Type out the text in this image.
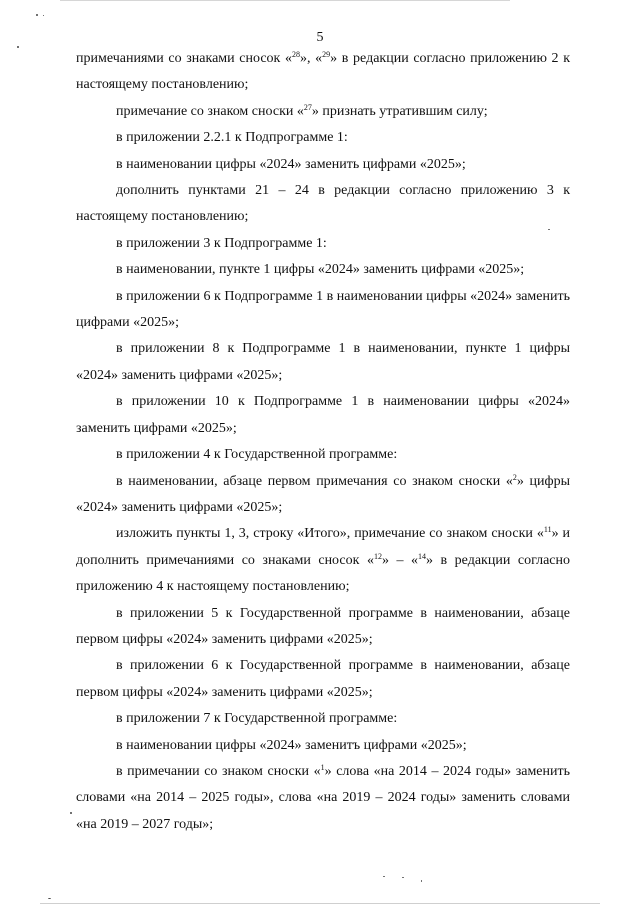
5

примечаниями со знаками сносок «$^{28}$», «$^{29}$» в редакции согласно приложению 2 к настоящему постановлению;

примечание со знаком сноски «$^{27}$» признать утратившим силу;

в приложении 2.2.1 к Подпрограмме 1:

в наименовании цифры «2024» заменить цифрами «2025»;

дополнить пунктами 21 – 24 в редакции согласно приложению 3 к настоящему постановлению;

в приложении 3 к Подпрограмме 1:

в наименовании, пункте 1 цифры «2024» заменить цифрами «2025»;

в приложении 6 к Подпрограмме 1 в наименовании цифры «2024» заменить цифрами «2025»;

в приложении 8 к Подпрограмме 1 в наименовании, пункте 1 цифры «2024» заменить цифрами «2025»;

в приложении 10 к Подпрограмме 1 в наименовании цифры «2024» заменить цифрами «2025»;

в приложении 4 к Государственной программе:

в наименовании, абзаце первом примечания со знаком сноски «$^2$» цифры «2024» заменить цифрами «2025»;

изложить пункты 1, 3, строку «Итого», примечание со знаком сноски «$^{11}$» и дополнить примечаниями со знаками сносок «$^{12}$» – «$^{14}$» в редакции согласно приложению 4 к настоящему постановлению;

в приложении 5 к Государственной программе в наименовании, абзаце первом цифры «2024» заменить цифрами «2025»;

в приложении 6 к Государственной программе в наименовании, абзаце первом цифры «2024» заменить цифрами «2025»;

в приложении 7 к Государственной программе:

в наименовании цифры «2024» заменитъ цифрами «2025»;

в примечании со знаком сноски «$^1$» слова «на 2014 – 2024 годы» заменить словами «на 2014 – 2025 годы», слова «на 2019 – 2024 годы» заменить словами «на 2019 – 2027 годы»;
